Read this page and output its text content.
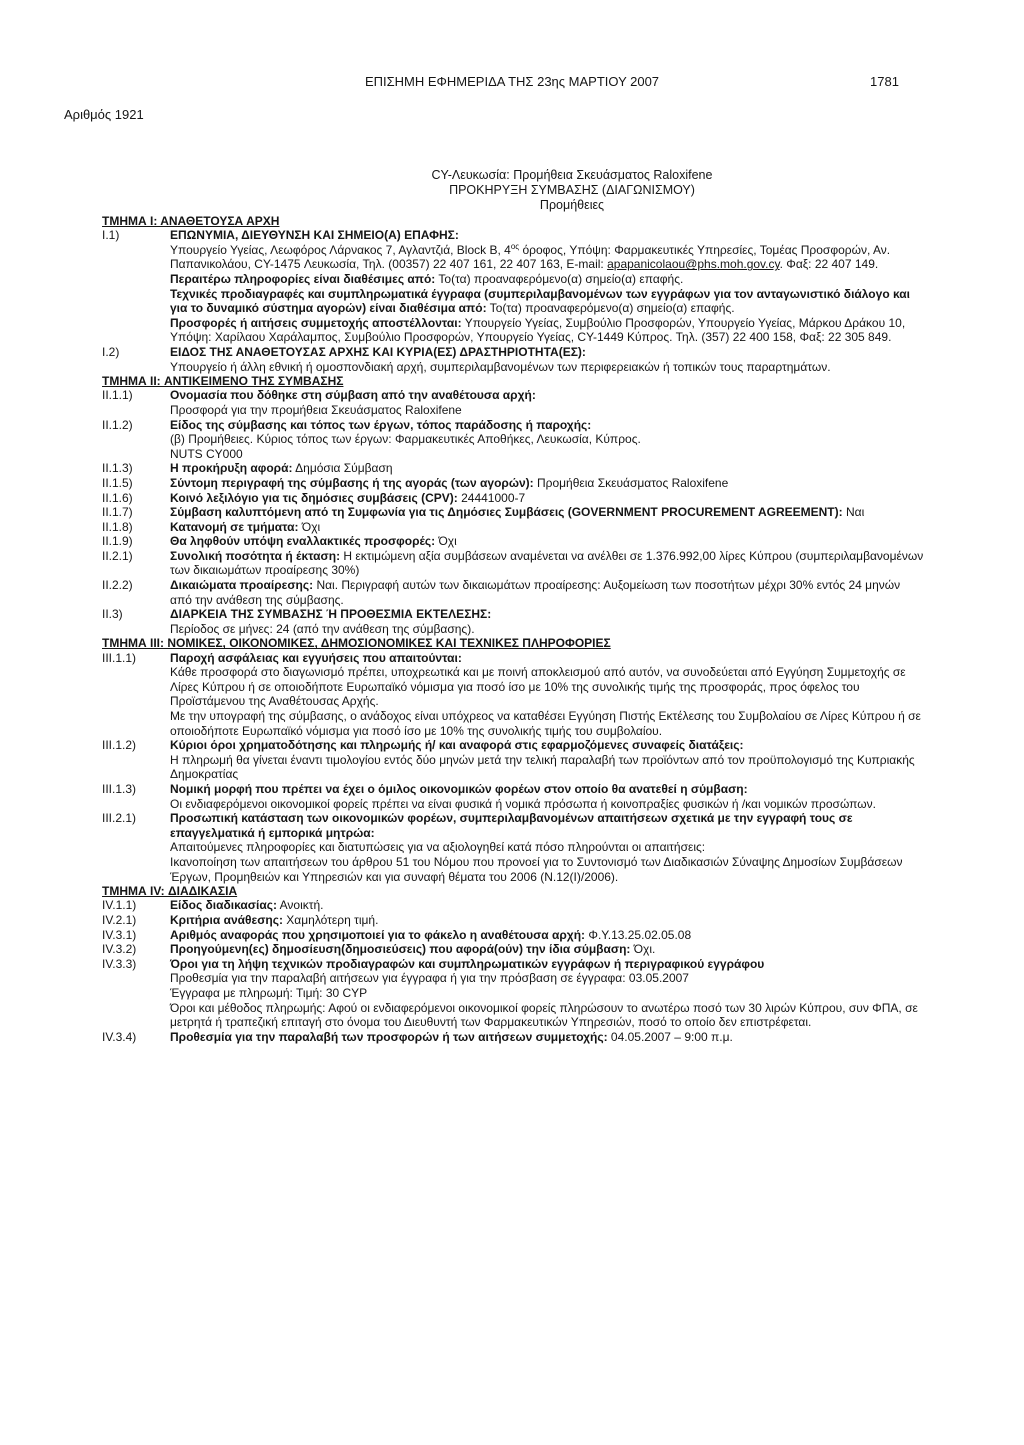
ΕΠΙΣΗΜΗ ΕΦΗΜΕΡΙΔΑ ΤΗΣ 23ης ΜΑΡΤΙΟΥ 2007	1781
Αριθμός 1921
CY-Λευκωσία: Προμήθεια Σκευάσματος Raloxifene
ΠΡΟΚΗΡΥΞΗ ΣΥΜΒΑΣΗΣ (ΔΙΑΓΩΝΙΣΜΟΥ)
Προμήθειες
ΤΜΗΜΑ Ι: ΑΝΑΘΕΤΟΥΣΑ ΑΡΧΗ
I.1)	ΕΠΩΝΥΜΙΑ, ΔΙΕΥΘΥΝΣΗ ΚΑΙ ΣΗΜΕΙΟ(Α) ΕΠΑΦΗΣ:
Υπουργείο Υγείας, Λεωφόρος Λάρνακος 7, Αγλαντζιά, Block B, $4^{o\varsigma}$ όροφος, Υπόψη: Φαρμακευτικές Υπηρεσίες, Τομέας Προσφορών, Αν. Παπανικολάου, CY-1475 Λευκωσία, Τηλ. (00357) 22 407 161, 22 407 163, E-mail: apapanicolaou@phs.moh.gov.cy. Φαξ: 22 407 149.
Περαιτέρω πληροφορίες είναι διαθέσιμες από: Το(τα) προαναφερόμενο(α) σημείο(α) επαφής.
Τεχνικές προδιαγραφές και συμπληρωματικά έγγραφα (συμπεριλαμβανομένων των εγγράφων για τον ανταγωνιστικό διάλογο και για το δυναμικό σύστημα αγορών) είναι διαθέσιμα από: Το(τα) προαναφερόμενο(α) σημείο(α) επαφής.
Προσφορές ή αιτήσεις συμμετοχής αποστέλλονται: Υπουργείο Υγείας, Συμβούλιο Προσφορών, Υπουργείο Υγείας, Μάρκου Δράκου 10, Υπόψη: Χαρίλαου Χαράλαμπος, Συμβούλιο Προσφορών, Υπουργείο Υγείας, CY-1449 Κύπρος. Τηλ. (357) 22 400 158, Φαξ: 22 305 849.
I.2)	ΕΙΔΟΣ ΤΗΣ ΑΝΑΘΕΤΟΥΣΑΣ ΑΡΧΗΣ ΚΑΙ ΚΥΡΙΑ(ΕΣ) ΔΡΑΣΤΗΡΙΟΤΗΤΑ(ΕΣ):
Υπουργείο ή άλλη εθνική ή ομοσπονδιακή αρχή, συμπεριλαμβανομένων των περιφερειακών ή τοπικών τους παραρτημάτων.
ΤΜΗΜΑ II: ΑΝΤΙΚΕΙΜΕΝΟ ΤΗΣ ΣΥΜΒΑΣΗΣ
II.1.1)	Ονομασία που δόθηκε στη σύμβαση από την αναθέτουσα αρχή:
Προσφορά για την προμήθεια Σκευάσματος Raloxifene
II.1.2)	Είδος της σύμβασης και τόπος των έργων, τόπος παράδοσης ή παροχής:
(β) Προμήθειες. Κύριος τόπος των έργων: Φαρμακευτικές Αποθήκες, Λευκωσία, Κύπρος.
NUTS CY000
II.1.3)	Η προκήρυξη αφορά: Δημόσια Σύμβαση
II.1.5)	Σύντομη περιγραφή της σύμβασης ή της αγοράς (των αγορών): Προμήθεια Σκευάσματος Raloxifene
II.1.6)	Κοινό λεξιλόγιο για τις δημόσιες συμβάσεις (CPV): 24441000-7
II.1.7)	Σύμβαση καλυπτόμενη από τη Συμφωνία για τις Δημόσιες Συμβάσεις (GOVERNMENT PROCUREMENT AGREEMENT): Ναι
II.1.8)	Κατανομή σε τμήματα: Όχι
II.1.9)	Θα ληφθούν υπόψη εναλλακτικές προσφορές: Όχι
II.2.1)	Συνολική ποσότητα ή έκταση: Η εκτιμώμενη αξία συμβάσεων αναμένεται να ανέλθει σε 1.376.992,00 λίρες Κύπρου (συμπεριλαμβανομένων των δικαιωμάτων προαίρεσης 30%)
II.2.2)	Δικαιώματα προαίρεσης: Ναι. Περιγραφή αυτών των δικαιωμάτων προαίρεσης: Αυξομείωση των ποσοτήτων μέχρι 30% εντός 24 μηνών από την ανάθεση της σύμβασης.
II.3)	ΔΙΑΡΚΕΙΑ ΤΗΣ ΣΥΜΒΑΣΗΣ Ή ΠΡΟΘΕΣΜΙΑ ΕΚΤΕΛΕΣΗΣ:
Περίοδος σε μήνες: 24 (από την ανάθεση της σύμβασης).
ΤΜΗΜΑ III: ΝΟΜΙΚΕΣ, ΟΙΚΟΝΟΜΙΚΕΣ, ΔΗΜΟΣΙΟΝΟΜΙΚΕΣ ΚΑΙ ΤΕΧΝΙΚΕΣ ΠΛΗΡΟΦΟΡΙΕΣ
III.1.1)	Παροχή ασφάλειας και εγγυήσεις που απαιτούνται:
Κάθε προσφορά στο διαγωνισμό πρέπει, υποχρεωτικά και με ποινή αποκλεισμού από αυτόν, να συνοδεύεται από Εγγύηση Συμμετοχής σε Λίρες Κύπρου ή σε οποιοδήποτε Ευρωπαϊκό νόμισμα για ποσό ίσο με 10% της συνολικής τιμής της προσφοράς, προς όφελος του Προϊστάμενου της Αναθέτουσας Αρχής.
Με την υπογραφή της σύμβασης, ο ανάδοχος είναι υπόχρεος να καταθέσει Εγγύηση Πιστής Εκτέλεσης του Συμβολαίου σε Λίρες Κύπρου ή σε οποιοδήποτε Ευρωπαϊκό νόμισμα για ποσό ίσο με 10% της συνολικής τιμής του συμβολαίου.
III.1.2)	Κύριοι όροι χρηματοδότησης και πληρωμής ή/ και αναφορά στις εφαρμοζόμενες συναφείς διατάξεις:
Η πληρωμή θα γίνεται έναντι τιμολογίου εντός δύο μηνών μετά την τελική παραλαβή των προϊόντων από τον προϋπολογισμό της Κυπριακής Δημοκρατίας
III.1.3)	Νομική μορφή που πρέπει να έχει ο όμιλος οικονομικών φορέων στον οποίο θα ανατεθεί η σύμβαση:
Οι ενδιαφερόμενοι οικονομικοί φορείς πρέπει να είναι φυσικά ή νομικά πρόσωπα ή κοινοπραξίες φυσικών ή /και νομικών προσώπων.
III.2.1)	Προσωπική κατάσταση των οικονομικών φορέων, συμπεριλαμβανομένων απαιτήσεων σχετικά με την εγγραφή τους σε επαγγελματικά ή εμπορικά μητρώα:
Απαιτούμενες πληροφορίες και διατυπώσεις για να αξιολογηθεί κατά πόσο πληρούνται οι απαιτήσεις:
Ικανοποίηση των απαιτήσεων του άρθρου 51 του Νόμου που προνοεί για το Συντονισμό των Διαδικασιών Σύναψης Δημοσίων Συμβάσεων Έργων, Προμηθειών και Υπηρεσιών και για συναφή θέματα του 2006 (N.12(I)/2006).
ΤΜΗΜΑ IV: ΔΙΑΔΙΚΑΣΙΑ
IV.1.1)	Είδος διαδικασίας: Ανοικτή.
IV.2.1)	Κριτήρια ανάθεσης: Χαμηλότερη τιμή.
IV.3.1)	Αριθμός αναφοράς που χρησιμοποιεί για το φάκελο η αναθέτουσα αρχή: Φ.Υ.13.25.02.05.08
IV.3.2)	Προηγούμενη(ες) δημοσίευση(δημοσιεύσεις) που αφορά(ούν) την ίδια σύμβαση: Όχι.
IV.3.3)	Όροι για τη λήψη τεχνικών προδιαγραφών και συμπληρωματικών εγγράφων ή περιγραφικού εγγράφου
Προθεσμία για την παραλαβή αιτήσεων για έγγραφα ή για την πρόσβαση σε έγγραφα: 03.05.2007
Έγγραφα με πληρωμή: Τιμή: 30 CYP
Όροι και μέθοδος πληρωμής: Αφού οι ενδιαφερόμενοι οικονομικοί φορείς πληρώσουν το ανωτέρω ποσό των 30 λιρών Κύπρου, συν ΦΠΑ, σε μετρητά ή τραπεζική επιταγή στο όνομα του Διευθυντή των Φαρμακευτικών Υπηρεσιών, ποσό το οποίο δεν επιστρέφεται.
IV.3.4)	Προθεσμία για την παραλαβή των προσφορών ή των αιτήσεων συμμετοχής: 04.05.2007 – 9:00 π.μ.
